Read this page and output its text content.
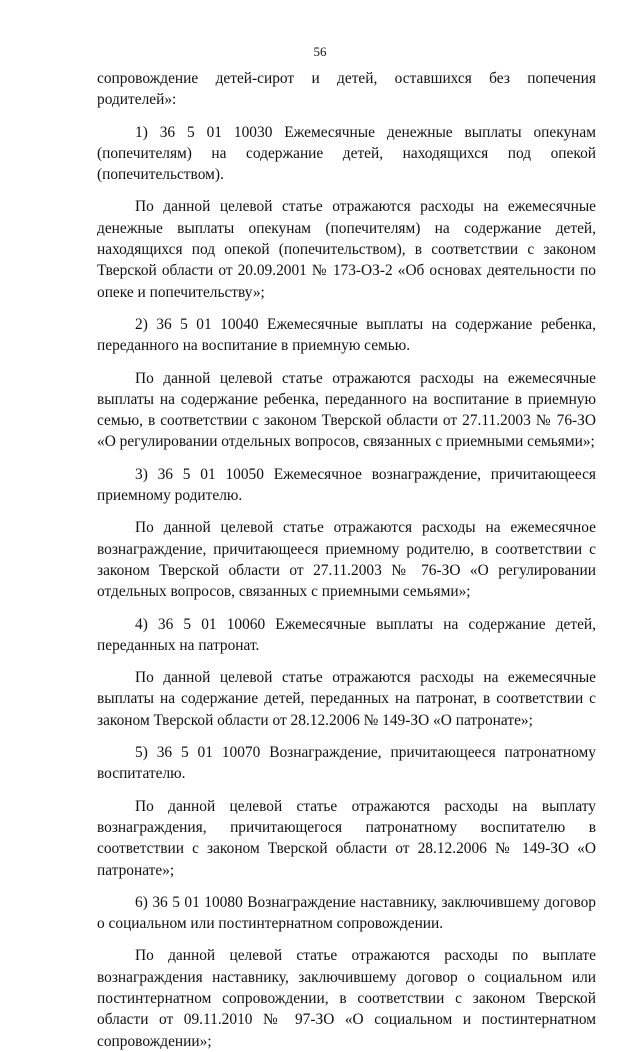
56

сопровождение детей-сирот и детей, оставшихся без попечения родителей»:

1) 36 5 01 10030 Ежемесячные денежные выплаты опекунам (попечителям) на содержание детей, находящихся под опекой (попечительством).

По данной целевой статье отражаются расходы на ежемесячные денежные выплаты опекунам (попечителям) на содержание детей, находящихся под опекой (попечительством), в соответствии с законом Тверской области от 20.09.2001 № 173-ОЗ-2 «Об основах деятельности по опеке и попечительству»;

2) 36 5 01 10040 Ежемесячные выплаты на содержание ребенка, переданного на воспитание в приемную семью.

По данной целевой статье отражаются расходы на ежемесячные выплаты на содержание ребенка, переданного на воспитание в приемную семью, в соответствии с законом Тверской области от 27.11.2003 № 76-ЗО «О регулировании отдельных вопросов, связанных с приемными семьями»;

3) 36 5 01 10050 Ежемесячное вознаграждение, причитающееся приемному родителю.

По данной целевой статье отражаются расходы на ежемесячное вознаграждение, причитающееся приемному родителю, в соответствии с законом Тверской области от 27.11.2003 № 76-ЗО «О регулировании отдельных вопросов, связанных с приемными семьями»;

4) 36 5 01 10060 Ежемесячные выплаты на содержание детей, переданных на патронат.

По данной целевой статье отражаются расходы на ежемесячные выплаты на содержание детей, переданных на патронат, в соответствии с законом Тверской области от 28.12.2006 № 149-ЗО «О патронате»;

5) 36 5 01 10070 Вознаграждение, причитающееся патронатному воспитателю.

По данной целевой статье отражаются расходы на выплату вознаграждения, причитающегося патронатному воспитателю в соответствии с законом Тверской области от 28.12.2006 № 149-ЗО «О патронате»;

6) 36 5 01 10080 Вознаграждение наставнику, заключившему договор о социальном или постинтернатном сопровождении.

По данной целевой статье отражаются расходы по выплате вознаграждения наставнику, заключившему договор о социальном или постинтернатном сопровождении, в соответствии с законом Тверской области от 09.11.2010 № 97-ЗО «О социальном и постинтернатном сопровождении»;
